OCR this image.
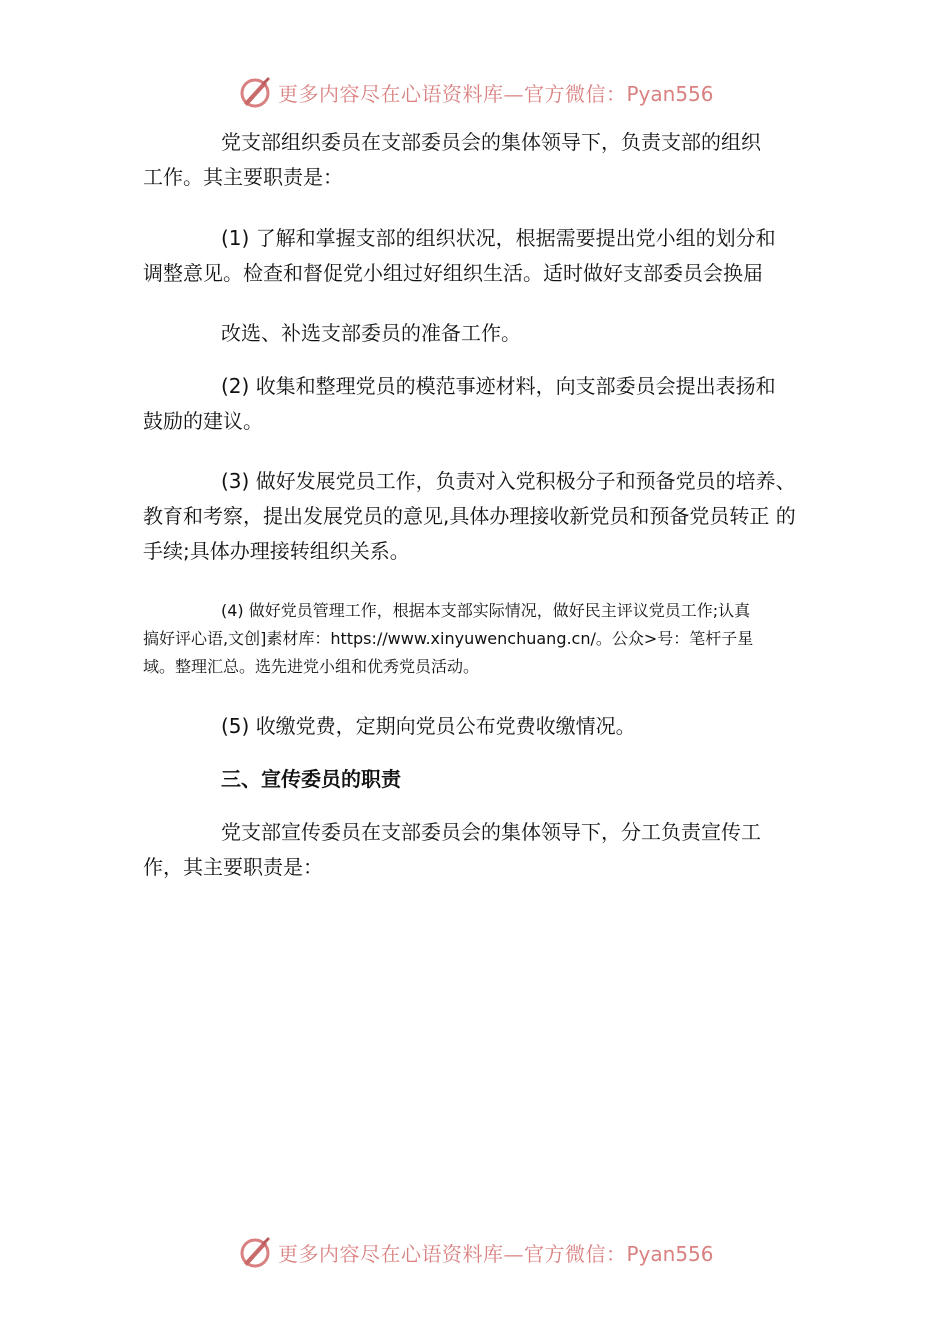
更多内容尽在心语资料库—官方微信：Pyan556
党支部组织委员在支部委员会的集体领导下，负责支部的组织
工作。其主要职责是：
(1) 了解和掌握支部的组织状况，根据需要提出党小组的划分和
调整意见。检查和督促党小组过好组织生活。适时做好支部委员会换届
改选、补选支部委员的准备工作。
(2) 收集和整理党员的模范事迹材料，向支部委员会提出表扬和
鼓励的建议。
(3) 做好发展党员工作，负责对入党积极分子和预备党员的培养、
教育和考察，提出发展党员的意见,具体办理接收新党员和预备党员转正 的
手续;具体办理接转组织关系。
(4) 做好党员管理工作，根据本支部实际情况，做好民主评议党员工作;认真
搞好评心语,文创]素材库：https://www.xinyuwenchuang.cn/。公众>号：笔杆子星
域。整理汇总。选先进党小组和优秀党员活动。
(5) 收缴党费，定期向党员公布党费收缴情况。
三、宣传委员的职责
党支部宣传委员在支部委员会的集体领导下，分工负责宣传工
作，其主要职责是：
更多内容尽在心语资料库—官方微信：Pyan556
